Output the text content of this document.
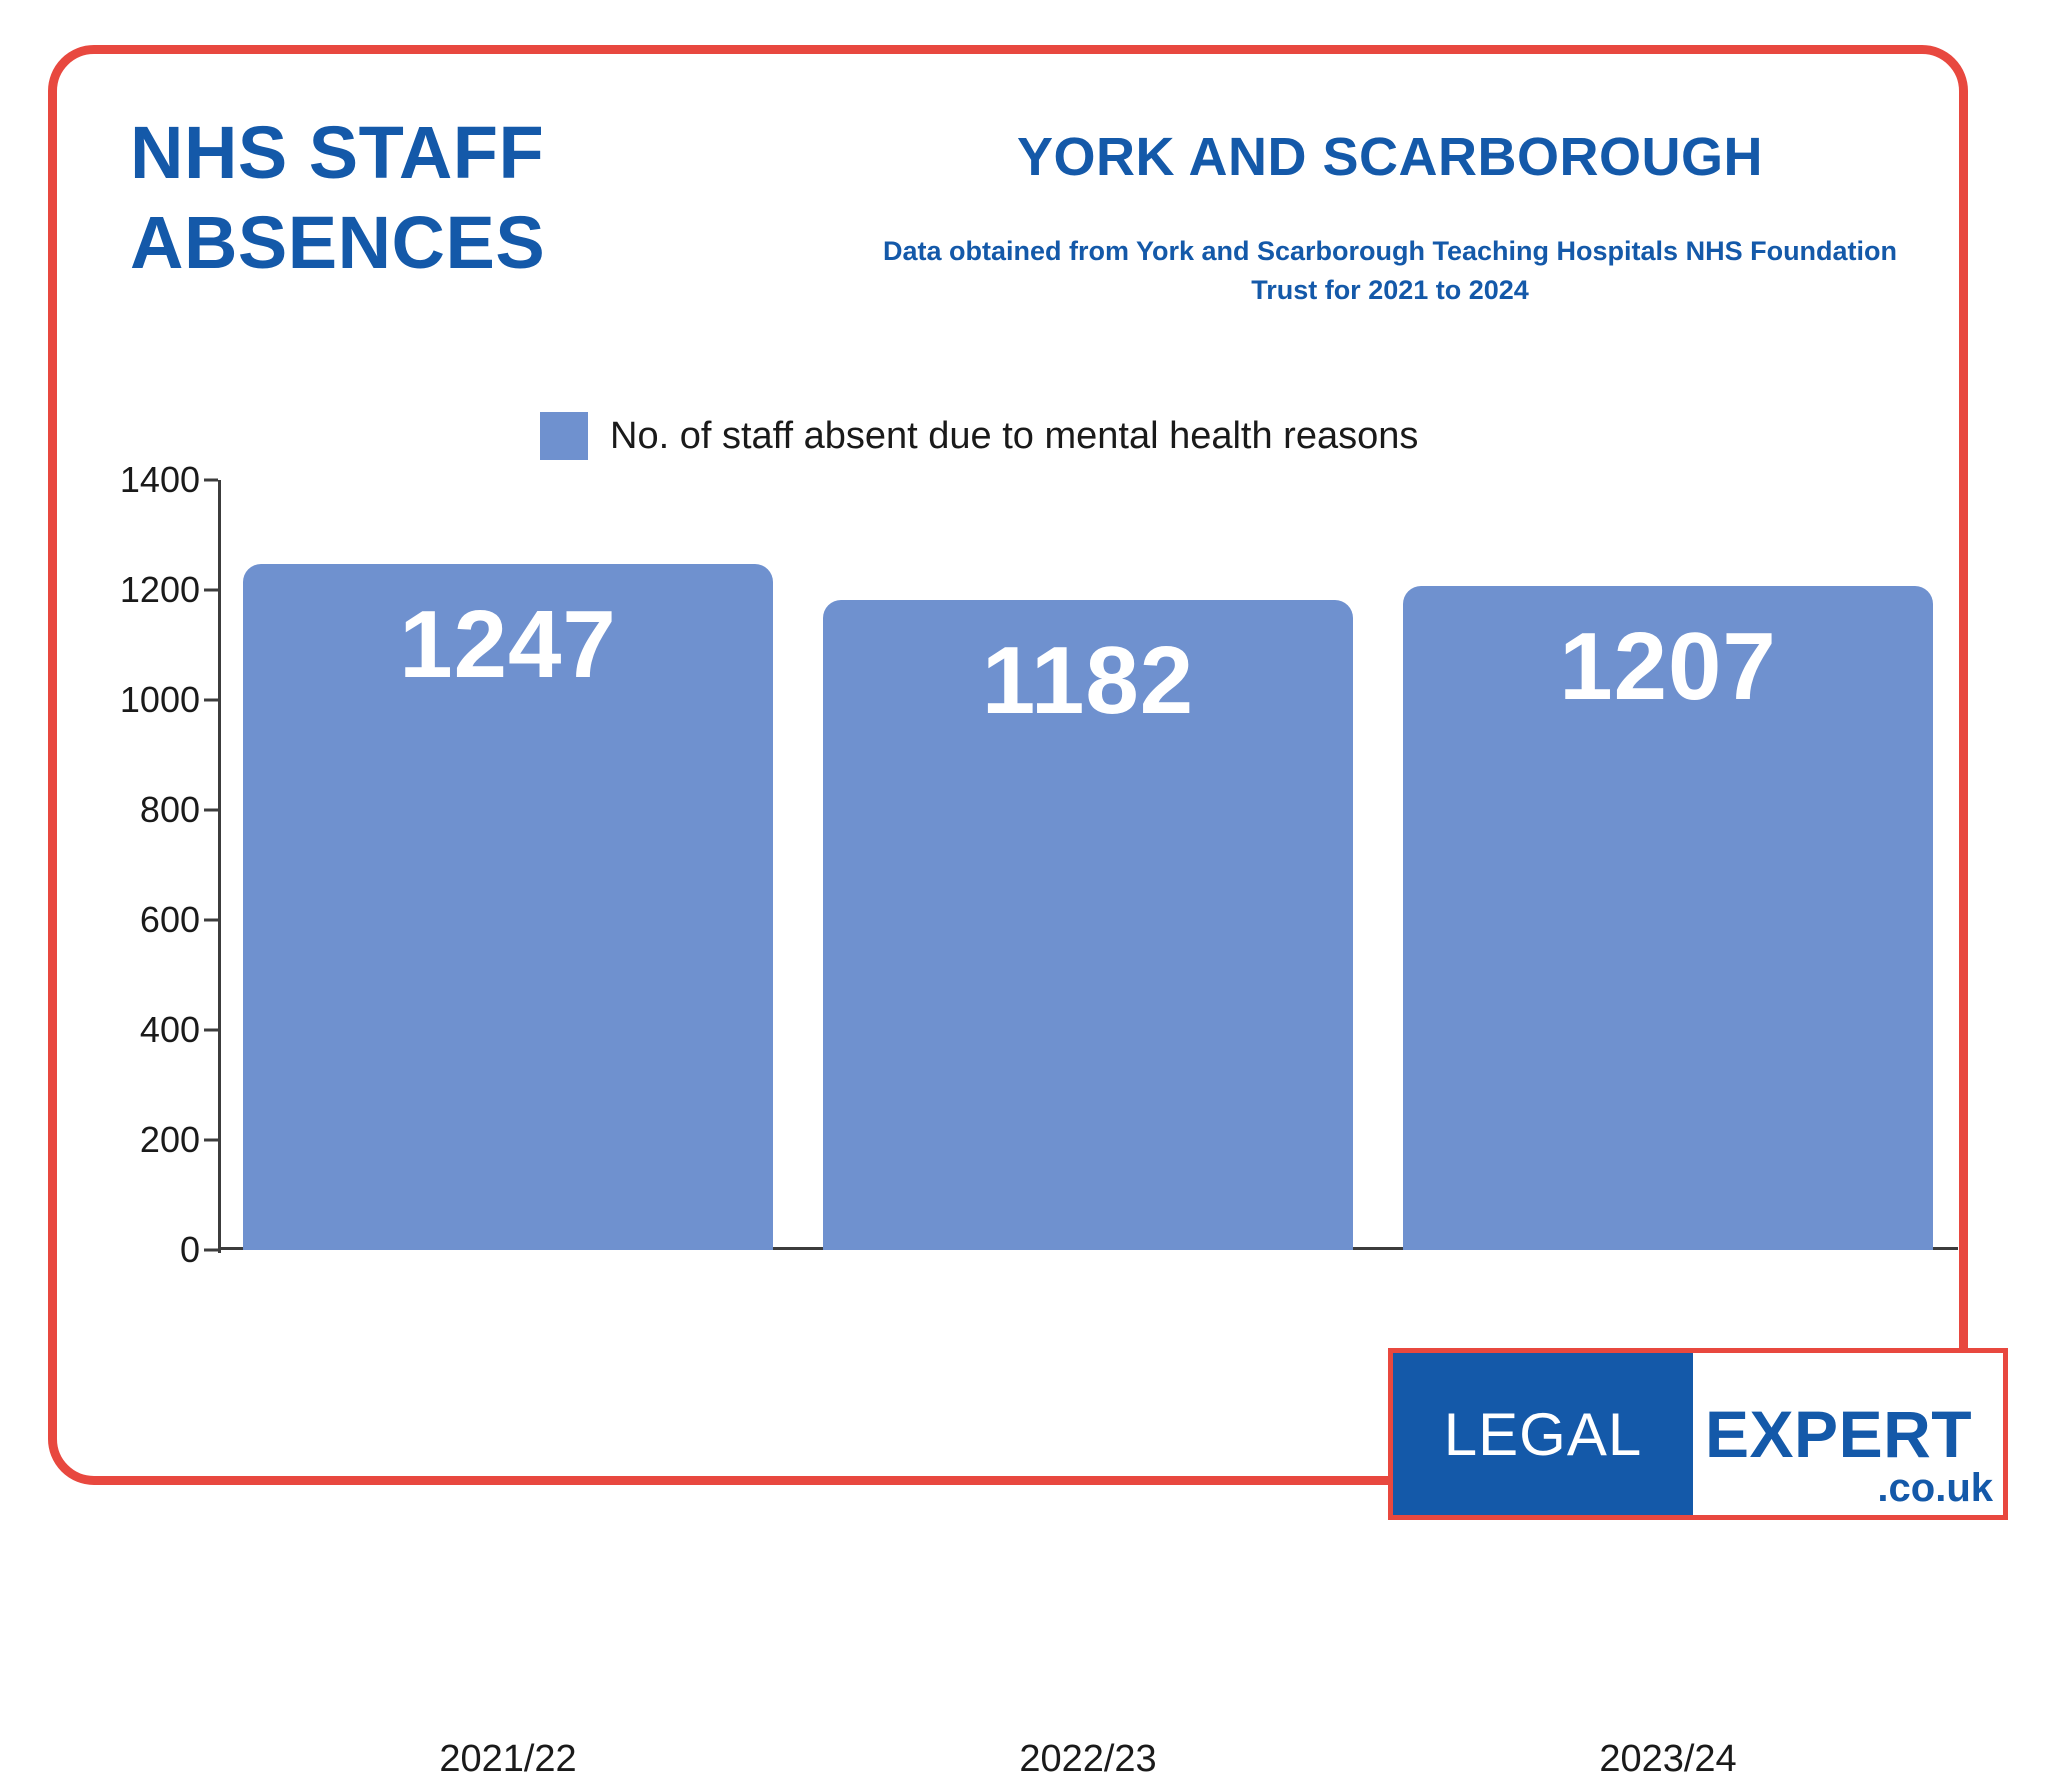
NHS STAFF ABSENCES
YORK AND SCARBOROUGH
Data obtained from York and Scarborough Teaching Hospitals NHS Foundation Trust for 2021 to 2024
No. of staff absent due to mental health reasons
0
200
400
600
800
1000
1200
1400
1247	1182	1207
2021/22	2022/23	2023/24
LEGAL EXPERT
.co.uk
